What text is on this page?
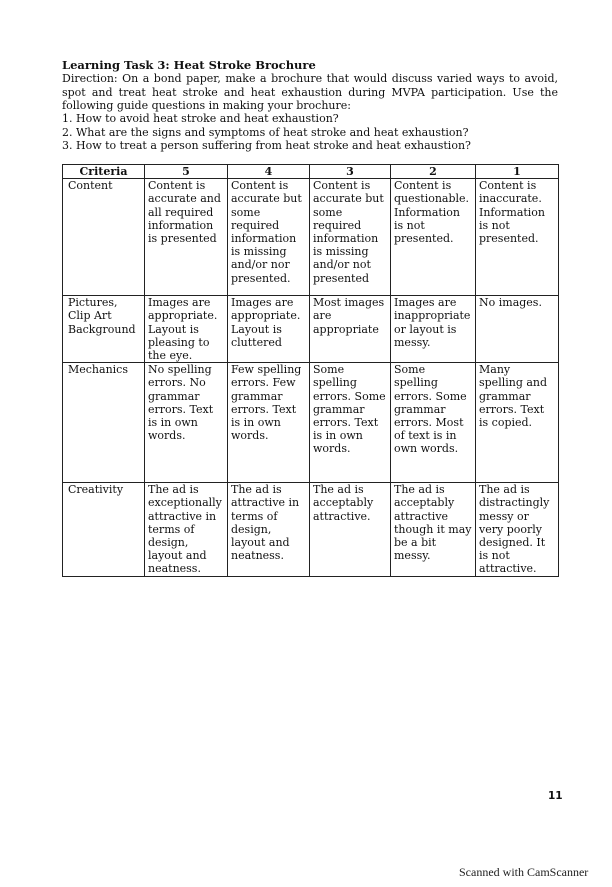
Learning Task 3: Heat Stroke Brochure
Direction: On a bond paper, make a brochure that would discuss varied ways to avoid, spot and treat heat stroke and heat exhaustion during MVPA participation. Use the following guide questions in making your brochure:
1. How to avoid heat stroke and heat exhaustion?
2. What are the signs and symptoms of heat stroke and heat exhaustion?
3. How to treat a person suffering from heat stroke and heat exhaustion?
Criteria	5	4	3	2	1
Content	Content is accurate and all required information is presented	Content is accurate but some required information is missing and/or nor presented.	Content is accurate but some required information is missing and/or not presented	Content is questionable. Information is not presented.	Content is inaccurate. Information is not presented.
Pictures, Clip Art Background	Images are appropriate. Layout is pleasing to the eye.	Images are appropriate. Layout is cluttered	Most images are appropriate	Images are inappropriate or layout is messy.	No images.
Mechanics	No spelling errors. No grammar errors. Text is in own words.	Few spelling errors. Few grammar errors. Text is in own words.	Some spelling errors. Some grammar errors. Text is in own words.	Some spelling errors. Some grammar errors. Most of text is in own words.	Many spelling and grammar errors. Text is copied.
Creativity	The ad is exceptionally attractive in terms of design, layout and neatness.	The ad is attractive in terms of design, layout and neatness.	The ad is acceptably attractive.	The ad is acceptably attractive though it may be a bit messy.	The ad is distractingly messy or very poorly designed. It is not attractive.
11
Scanned with CamScanner
